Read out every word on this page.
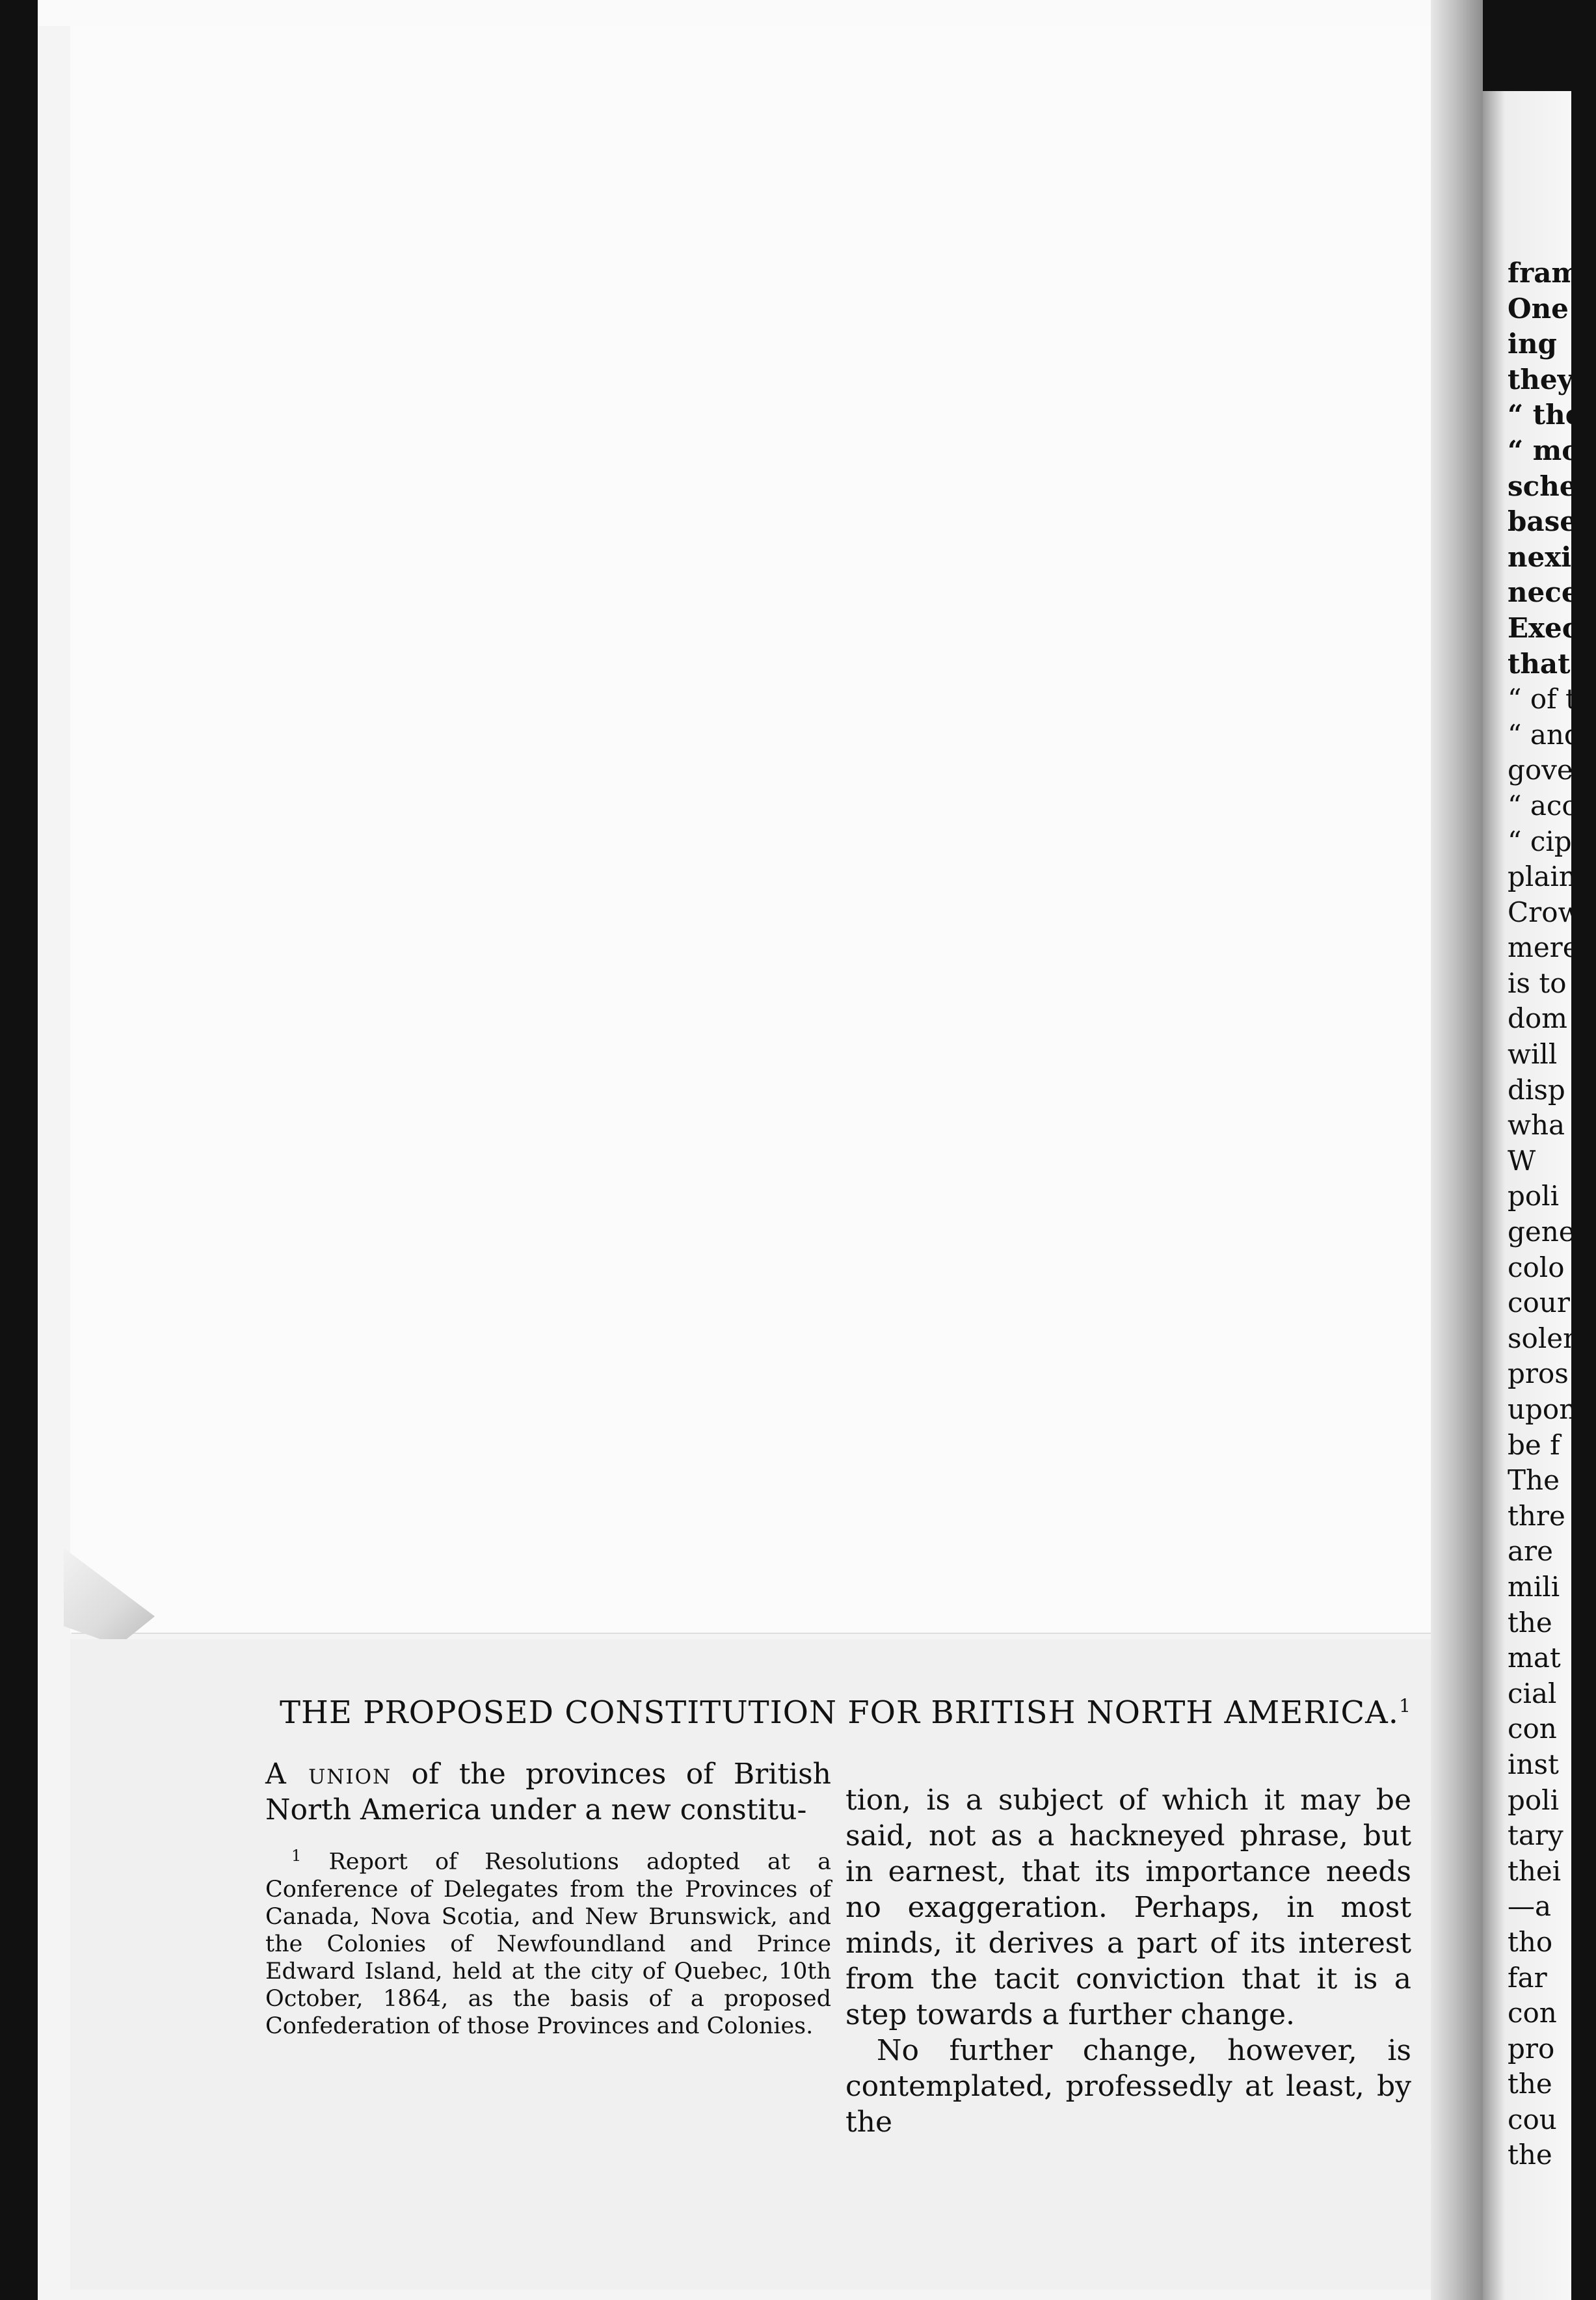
THE PROPOSED CONSTITUTION FOR BRITISH NORTH AMERICA.$^1$

A union of the provinces of British North America under a new constitu-

$^1$ Report of Resolutions adopted at a Conference of Delegates from the Provinces of Canada, Nova Scotia, and New Brunswick, and the Colonies of Newfoundland and Prince Edward Island, held at the city of Quebec, 10th October, 1864, as the basis of a proposed Confederation of those Provinces and Colonies.

tion, is a subject of which it may be said, not as a hackneyed phrase, but in earnest, that its importance needs no exaggeration. Perhaps, in most minds, it derives a part of its interest from the tacit conviction that it is a step towards a further change.

No further change, however, is contemplated, professedly at least, by the

fram
One
ing
they
“ the
“ mo
scher
based
nexic
neces
Exec
that
“ of t
“ and
gove
“ acc
“ cip
plain
Crow
mere
is to
dom
will
disp
wha
W
poli
gene
colo
cour
solen
pros
upon
be f
The
thre
are
mili
the
mat
cial
con
inst
poli
tary
thei
—a
tho
far
con
pro
the
cou
the
